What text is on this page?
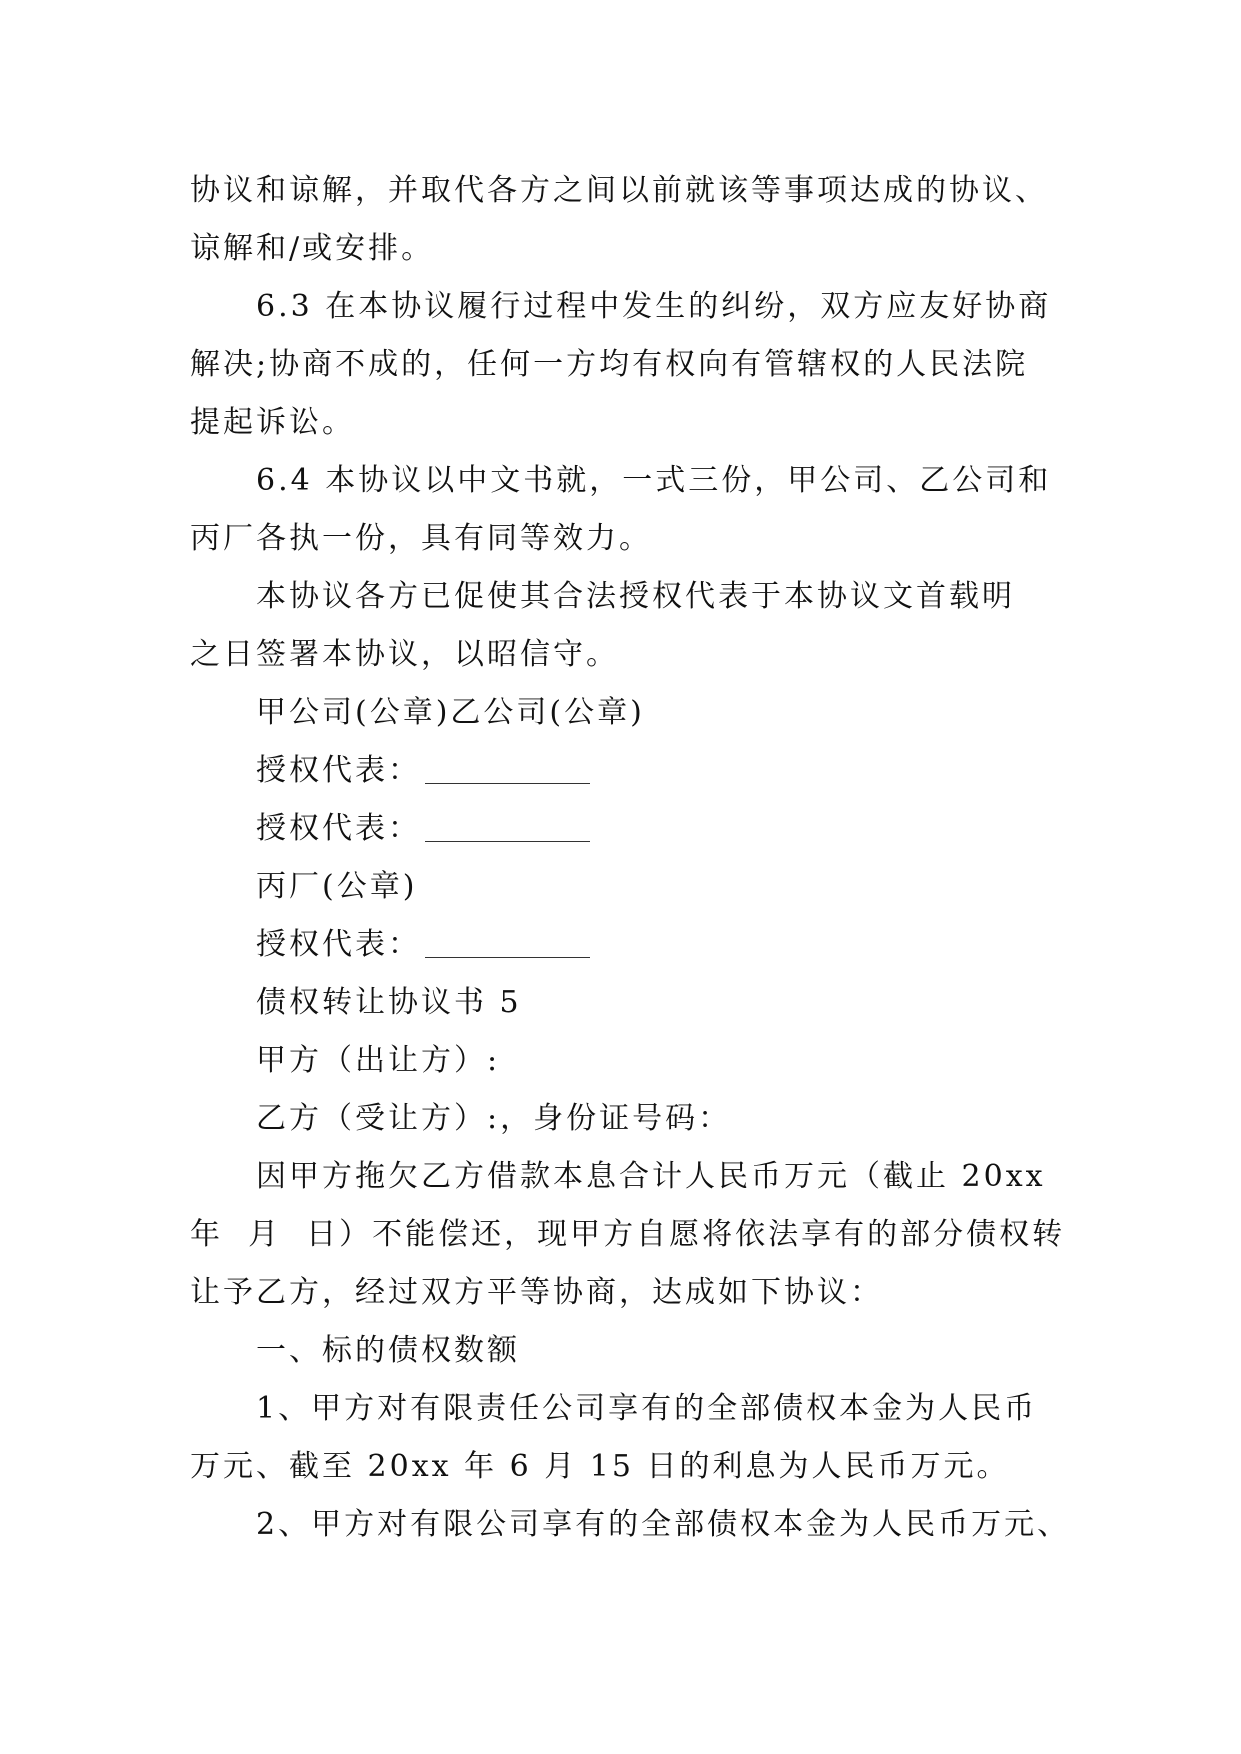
协议和谅解，并取代各方之间以前就该等事项达成的协议、
谅解和/或安排。
6.3 在本协议履行过程中发生的纠纷，双方应友好协商
解决;协商不成的，任何一方均有权向有管辖权的人民法院
提起诉讼。
6.4 本协议以中文书就，一式三份，甲公司、乙公司和
丙厂各执一份，具有同等效力。
本协议各方已促使其合法授权代表于本协议文首载明
之日签署本协议，以昭信守。
甲公司(公章)乙公司(公章)
授权代表：
授权代表：
丙厂(公章)
授权代表：
债权转让协议书 5
甲方（出让方）:
乙方（受让方）:，身份证号码：
因甲方拖欠乙方借款本息合计人民币万元（截止 20xx
年  月  日）不能偿还，现甲方自愿将依法享有的部分债权转
让予乙方，经过双方平等协商，达成如下协议：
一、标的债权数额
1、甲方对有限责任公司享有的全部债权本金为人民币
万元、截至 20xx 年 6 月 15 日的利息为人民币万元。
2、甲方对有限公司享有的全部债权本金为人民币万元、
